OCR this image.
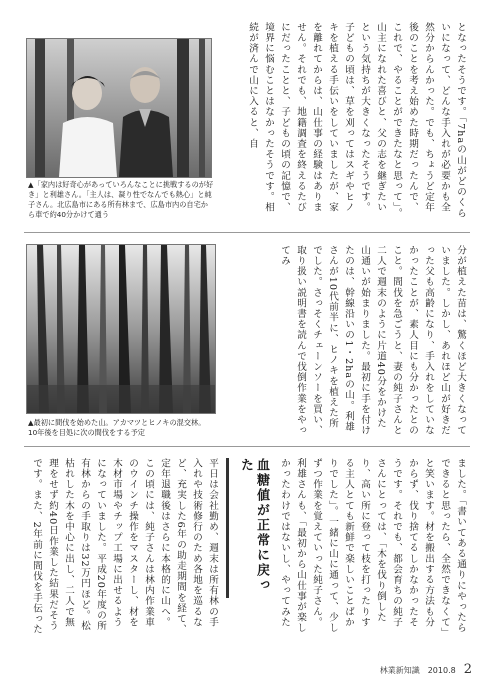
▲「家内は好奇心があっていろんなことに挑戦するのが好き」と利雄さん。「主人は、凝り性でなんでも熱心」と純子さん。北広島市にある所有林まで、広島市内の自宅から車で約40分かけて通う
▲最初に間伐を始めた山。アカマツとヒノキの混交林。10年後を目処に次の間伐をする予定
となったそうです。「7haの山がどのくらいになって、どんな手入れが必要かも全然分からんかった。でも、ちょうど定年後のことを考え始めた時期だったんで、これで、やることができたなと思って」。山主になれた喜びと、父の志を継ぎたいという気持ちが大きくなったそうです。子どもの頃は、草を刈ってはスギやヒノキを植える手伝いをしていましたが、家を離れてからは、山仕事の経験はありません。それでも、地籍調査を終えるたびにだったことと、子どもの頃の記憶で、境界に悩むことはなかったそうです。相続が済んで山に入ると、自
分が植えた苗は、驚くほど大きくなっていました。しかし、あれほど山が好きだった父も高齢になり、手入れをしていなかったことが、素人目にも分かったとのこと。間伐を急ごうと、妻の純子さんと二人で週末のように片道40分をかけた山通いが始まりました。最初に手を付けたのは、幹線沿いの1・2haの山。利雄さんが10代前半に、ヒノキを植えた所でした。さっそくチェーンソーを買い、取り扱い説明書を読んで伐倒作業をやってみ
ました。「書いてある通りにやったらできると思ったら、全然できなくて」と笑います。材を搬出する方法も分からず、伐り捨てるしかなかったそうです。それでも、都会育ちの純子さんにとっては、「木を伐り倒したり、高い所に登って枝を打ったりする主人とても新鮮で楽しいことばかりでした」。一緒に山に通って、少しずつ作業を覚えていった純子さん。利雄さんも、「最初から山仕事が楽しかったわけではないし、やってみた
血糖値が正常に戻った
平日は会社勤め、週末は所有林の手入れや技術修行のため各地を巡るなど、充実した6年の助走期間を経て、定年退職後はさらに本格的に山へ。この頃には、純子さんは林内作業車のウインチ操作をマスターし、材を木材市場やチップ工場に出せるようになっていました。平成20年度の所有林からの手取りは32万円ほど。松枯れした木を中心に出し、二人で無理をせず約40日作業した結果だそうです。また、2年前に間伐を手伝った
林業新知識 2010.8 2
